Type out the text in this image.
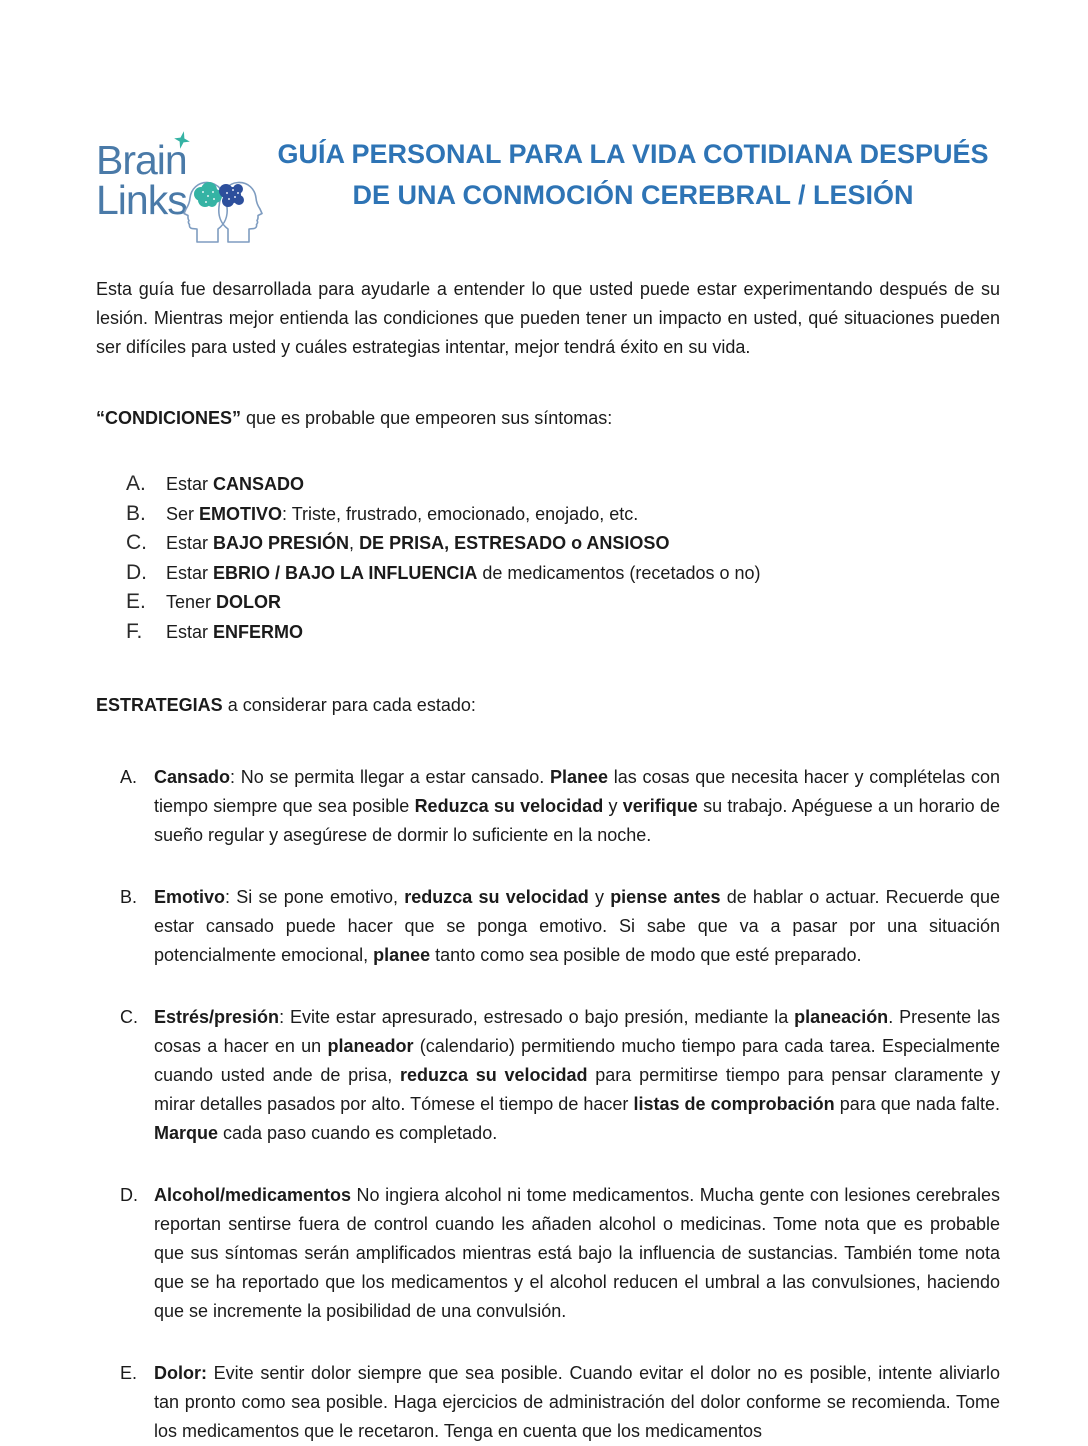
Brain
Links
GUÍA PERSONAL PARA LA VIDA COTIDIANA DESPUÉS
DE UNA CONMOCIÓN CEREBRAL / LESIÓN

Esta guía fue desarrollada para ayudarle a entender lo que usted puede estar experimentando después de su lesión. Mientras mejor entienda las condiciones que pueden tener un impacto en usted, qué situaciones pueden ser difíciles para usted y cuáles estrategias intentar, mejor tendrá éxito en su vida.

“CONDICIONES” que es probable que empeoren sus síntomas:
A.	Estar CANSADO
B.	Ser EMOTIVO: Triste, frustrado, emocionado, enojado, etc.
C.	Estar BAJO PRESIÓN, DE PRISA, ESTRESADO o ANSIOSO
D.	Estar EBRIO / BAJO LA INFLUENCIA de medicamentos (recetados o no)
E.	Tener DOLOR
F.	Estar ENFERMO
ESTRATEGIAS a considerar para cada estado:
A. Cansado: No se permita llegar a estar cansado. Planee las cosas que necesita hacer y complételas con tiempo siempre que sea posible Reduzca su velocidad y verifique su trabajo. Apéguese a un horario de sueño regular y asegúrese de dormir lo suficiente en la noche.
B. Emotivo: Si se pone emotivo, reduzca su velocidad y piense antes de hablar o actuar. Recuerde que estar cansado puede hacer que se ponga emotivo. Si sabe que va a pasar por una situación potencialmente emocional, planee tanto como sea posible de modo que esté preparado.
C. Estrés/presión: Evite estar apresurado, estresado o bajo presión, mediante la planeación. Presente las cosas a hacer en un planeador (calendario) permitiendo mucho tiempo para cada tarea. Especialmente cuando usted ande de prisa, reduzca su velocidad para permitirse tiempo para pensar claramente y mirar detalles pasados por alto. Tómese el tiempo de hacer listas de comprobación para que nada falte. Marque cada paso cuando es completado.
D. Alcohol/medicamentos No ingiera alcohol ni tome medicamentos. Mucha gente con lesiones cerebrales reportan sentirse fuera de control cuando les añaden alcohol o medicinas. Tome nota que es probable que sus síntomas serán amplificados mientras está bajo la influencia de sustancias. También tome nota que se ha reportado que los medicamentos y el alcohol reducen el umbral a las convulsiones, haciendo que se incremente la posibilidad de una convulsión.
E. Dolor: Evite sentir dolor siempre que sea posible. Cuando evitar el dolor no es posible, intente aliviarlo tan pronto como sea posible. Haga ejercicios de administración del dolor conforme se recomienda. Tome los medicamentos que le recetaron. Tenga en cuenta que los medicamentos
